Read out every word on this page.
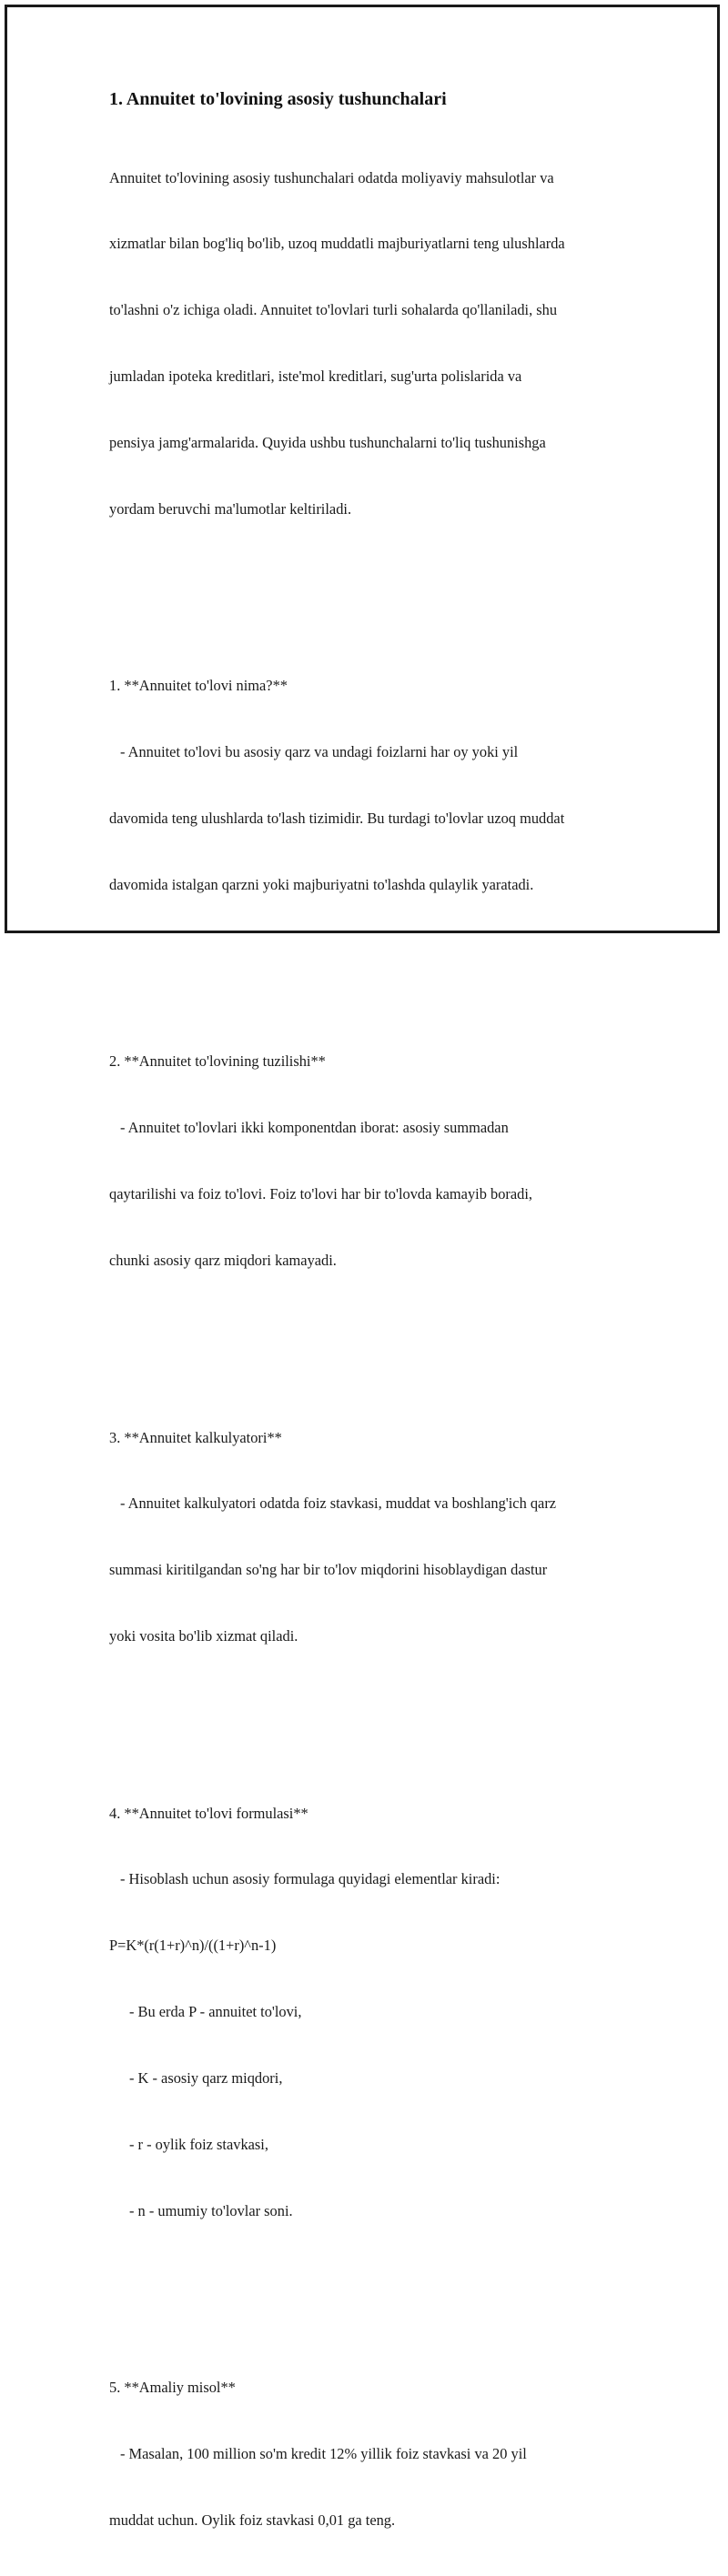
1. Annuitet to'lovining asosiy tushunchalari

Annuitet to'lovining asosiy tushunchalari odatda moliyaviy mahsulotlar va

xizmatlar bilan bog'liq bo'lib, uzoq muddatli majburiyatlarni teng ulushlarda

to'lashni o'z ichiga oladi. Annuitet to'lovlari turli sohalarda qo'llaniladi, shu

jumladan ipoteka kreditlari, iste'mol kreditlari, sug'urta polislarida va

pensiya jamg'armalarida. Quyida ushbu tushunchalarni to'liq tushunishga

yordam beruvchi ma'lumotlar keltiriladi.

1. **Annuitet to'lovi nima?**

- Annuitet to'lovi bu asosiy qarz va undagi foizlarni har oy yoki yil

davomida teng ulushlarda to'lash tizimidir. Bu turdagi to'lovlar uzoq muddat

davomida istalgan qarzni yoki majburiyatni to'lashda qulaylik yaratadi.

2. **Annuitet to'lovining tuzilishi**

- Annuitet to'lovlari ikki komponentdan iborat: asosiy summadan

qaytarilishi va foiz to'lovi. Foiz to'lovi har bir to'lovda kamayib boradi,

chunki asosiy qarz miqdori kamayadi.

3. **Annuitet kalkulyatori**

- Annuitet kalkulyatori odatda foiz stavkasi, muddat va boshlang'ich qarz

summasi kiritilgandan so'ng har bir to'lov miqdorini hisoblaydigan dastur

yoki vosita bo'lib xizmat qiladi.

4. **Annuitet to'lovi formulasi**

- Hisoblash uchun asosiy formulaga quyidagi elementlar kiradi:

P=K*(r(1+r)^n)/((1+r)^n-1)

- Bu erda P - annuitet to'lovi,

- K - asosiy qarz miqdori,

- r - oylik foiz stavkasi,

- n - umumiy to'lovlar soni.

5. **Amaliy misol**

- Masalan, 100 million so'm kredit 12% yillik foiz stavkasi va 20 yil

muddat uchun. Oylik foiz stavkasi 0,01 ga teng.
